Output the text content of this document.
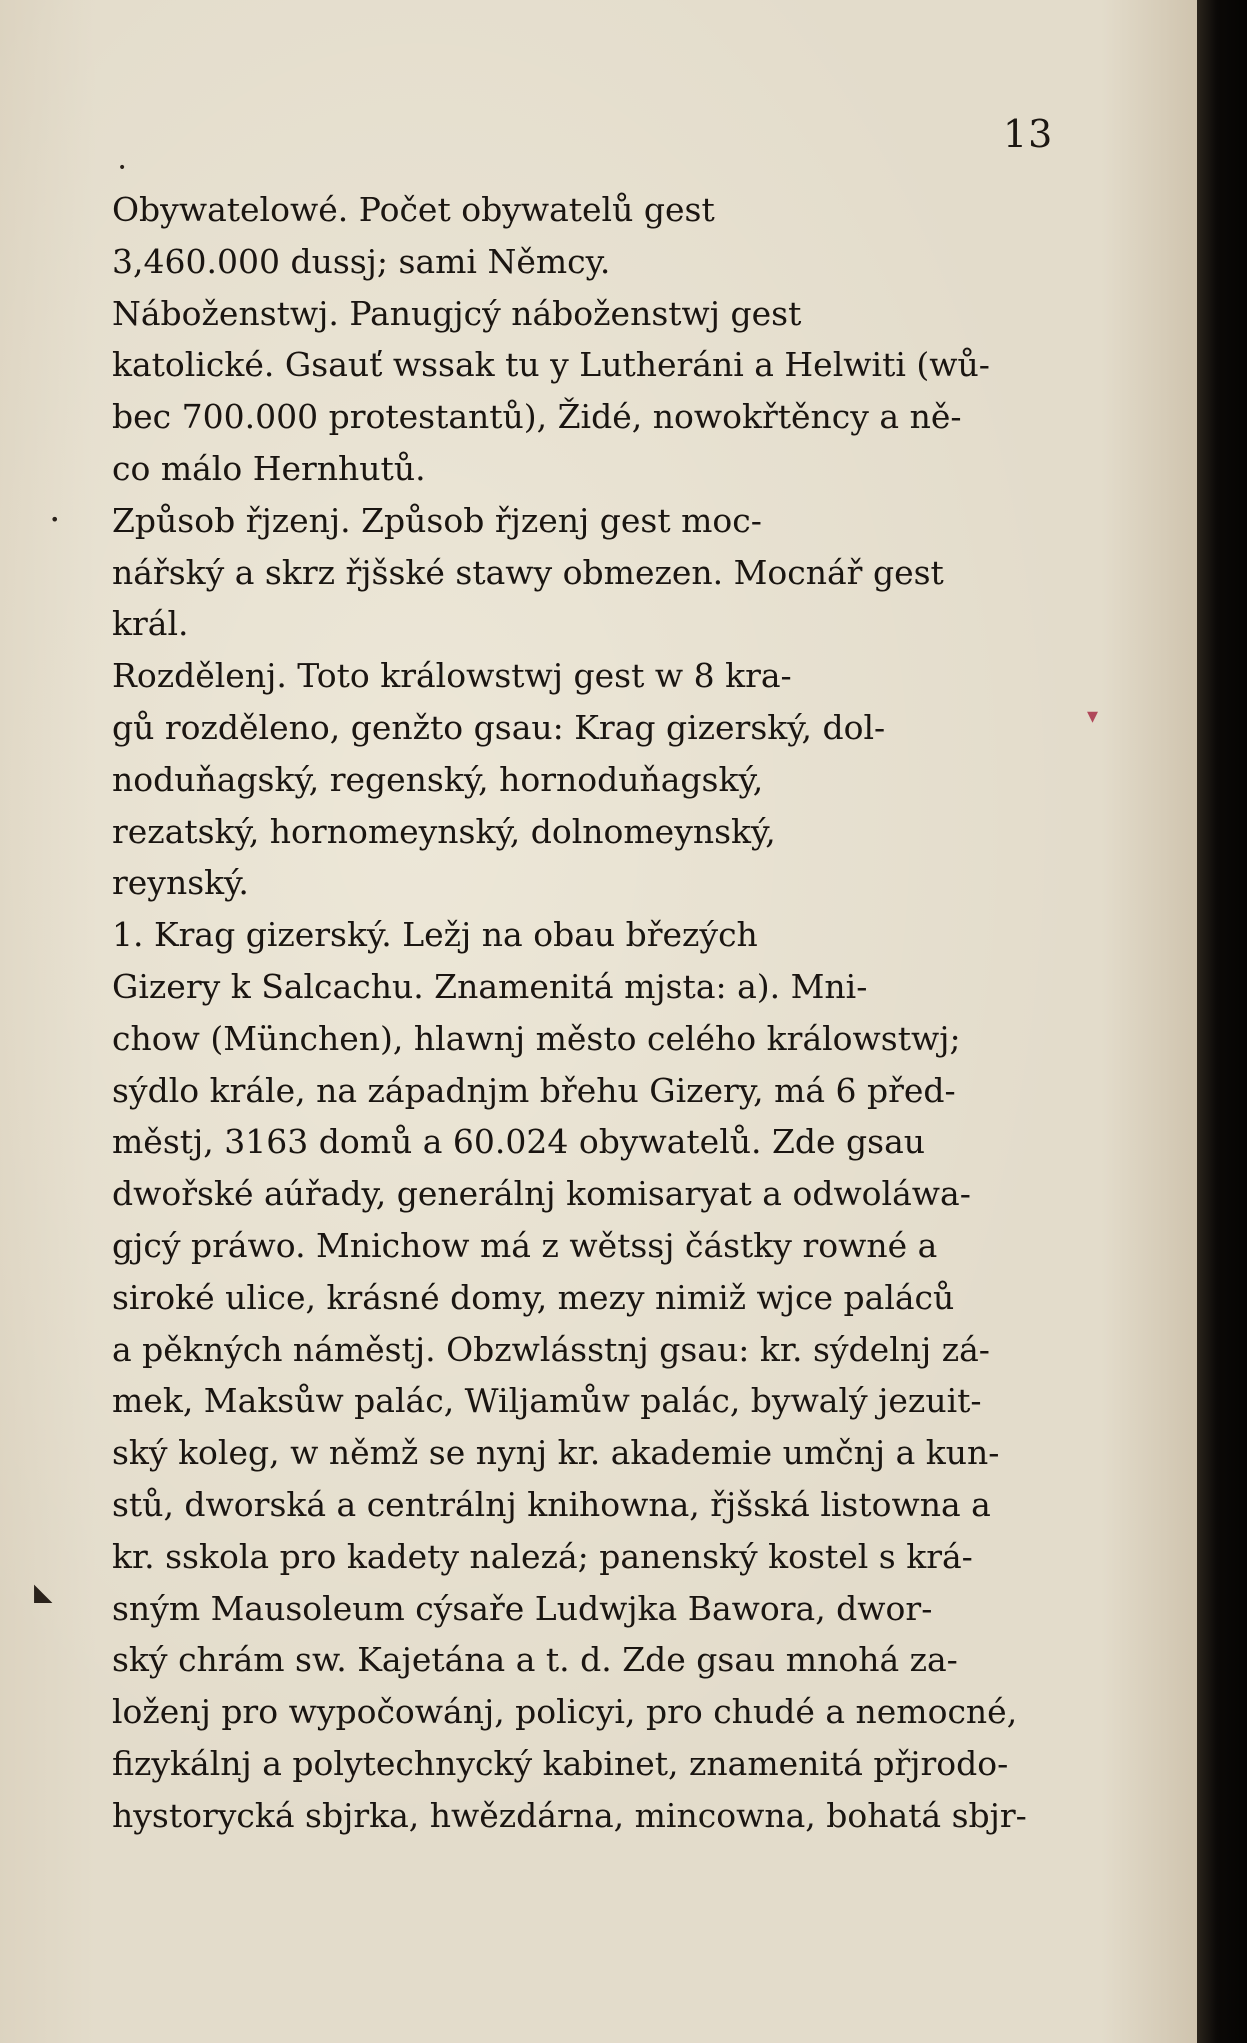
13
•
•
▾
◣
Obywatelowé. Počet obywatelů gest
3,460.000 dussj; sami Němcy.
Náboženstwj. Panugjcý náboženstwj gest
katolické. Gsauť wssak tu y Lutheráni a Helwiti (wů-
bec 700.000 protestantů), Židé, nowokřtěncy a ně-
co málo Hernhutů.
Způsob řjzenj. Způsob řjzenj gest moc-
nářský a skrz řjšské stawy obmezen. Mocnář gest
král.
Rozdělenj. Toto králowstwj gest w 8 kra-
gů rozděleno, genžto gsau: Krag gizerský, dol-
noduňagský, regenský, hornoduňagský,
rezatský, hornomeynský, dolnomeynský,
reynský.
1. Krag gizerský. Ležj na obau březých
Gizery k Salcachu. Znamenitá mjsta: a). Mni-
chow (München), hlawnj město celého králowstwj;
sýdlo krále, na západnjm břehu Gizery, má 6 před-
městj, 3163 domů a 60.024 obywatelů. Zde gsau
dwořské aúřady, generálnj komisaryat a odwoláwa-
gjcý práwo. Mnichow má z wětssj částky rowné a
siroké ulice, krásné domy, mezy nimiž wjce paláců
a pěkných náměstj. Obzwlásstnj gsau: kr. sýdelnj zá-
mek, Maksůw palác, Wiljamůw palác, bywalý jezuit-
ský koleg, w němž se nynj kr. akademie umčnj a kun-
stů, dworská a centrálnj knihowna, řjšská listowna a
kr. sskola pro kadety nalezá; panenský kostel s krá-
sným Mausoleum cýsaře Ludwjka Bawora, dwor-
ský chrám sw. Kajetána a t. d. Zde gsau mnohá za-
loženj pro wypočowánj, policyi, pro chudé a nemocné,
fizykálnj a polytechnycký kabinet, znamenitá přjrodo-
hystorycká sbjrka, hwězdárna, mincowna, bohatá sbjr-
